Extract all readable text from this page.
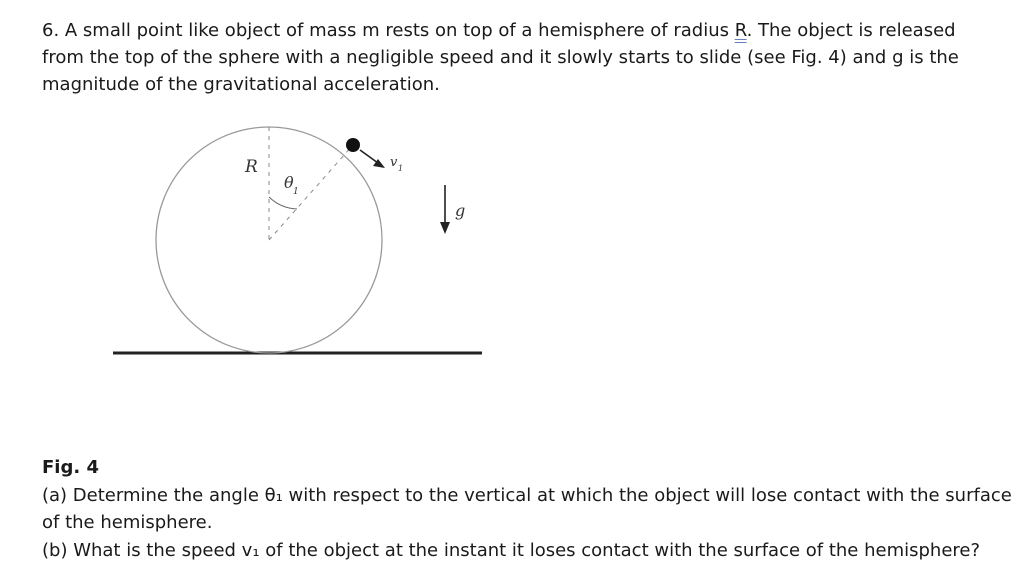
6. A small point like object of mass m rests on top of a hemisphere of radius R. The object is released from the top of the sphere with a negligible speed and it slowly starts to slide (see Fig. 4) and g is the magnitude of the gravitational acceleration.

R
θ 1
v 1
g

Fig. 4

(a) Determine the angle θ₁ with respect to the vertical at which the object will lose contact with the surface of the hemisphere.

(b) What is the speed v₁ of the object at the instant it loses contact with the surface of the hemisphere?
